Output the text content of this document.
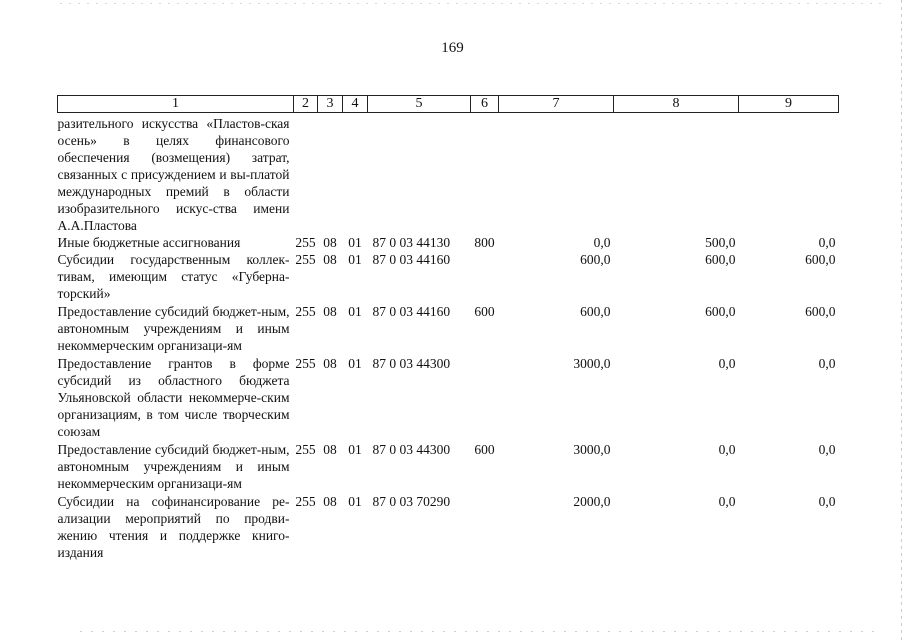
169
1	2	3	4	5	6	7	8	9
разительного искусства «Пластов-ская осень» в целях финансового обеспечения (возмещения) затрат, связанных с присуждением и вы-платой международных премий в области изобразительного искус-ства имени А.А.Пластова								
Иные бюджетные ассигнования	255	08	01	87 0 03 44130	800	0,0	500,0	0,0
Субсидии государственным коллек-тивам, имеющим статус «Губерна-торский»	255	08	01	87 0 03 44160		600,0	600,0	600,0
Предоставление субсидий бюджет-ным, автономным учреждениям и иным некоммерческим организаци-ям	255	08	01	87 0 03 44160	600	600,0	600,0	600,0
Предоставление грантов в форме субсидий из областного бюджета Ульяновской области некоммерче-ским организациям, в том числе творческим союзам	255	08	01	87 0 03 44300		3000,0	0,0	0,0
Предоставление субсидий бюджет-ным, автономным учреждениям и иным некоммерческим организаци-ям	255	08	01	87 0 03 44300	600	3000,0	0,0	0,0
Субсидии на софинансирование ре-ализации мероприятий по продви-жению чтения и поддержке книго-издания	255	08	01	87 0 03 70290		2000,0	0,0	0,0
